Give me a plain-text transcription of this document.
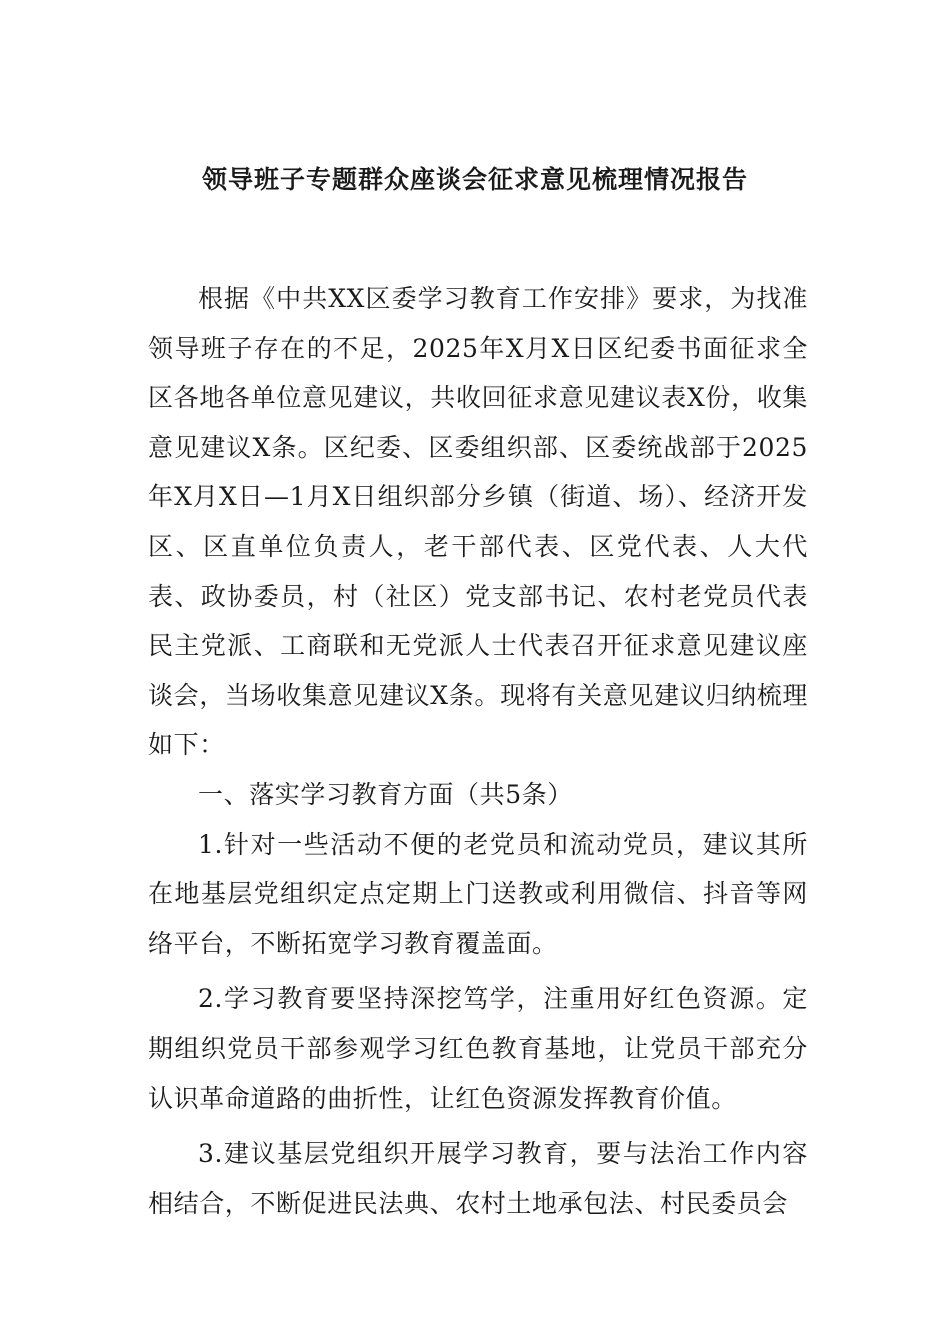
领导班子专题群众座谈会征求意见梳理情况报告

根据《中共XX区委学习教育工作安排》要求，为找准领导班子存在的不足，2025年X月X日区纪委书面征求全区各地各单位意见建议，共收回征求意见建议表X份，收集意见建议X条。区纪委、区委组织部、区委统战部于2025年X月X日—1月X日组织部分乡镇（街道、场）、经济开发区、区直单位负责人，老干部代表、区党代表、人大代表、政协委员，村（社区）党支部书记、农村老党员代表民主党派、工商联和无党派人士代表召开征求意见建议座谈会，当场收集意见建议X条。现将有关意见建议归纳梳理如下：

一、落实学习教育方面（共5条）

1.针对一些活动不便的老党员和流动党员，建议其所在地基层党组织定点定期上门送教或利用微信、抖音等网络平台，不断拓宽学习教育覆盖面。

2.学习教育要坚持深挖笃学，注重用好红色资源。定期组织党员干部参观学习红色教育基地，让党员干部充分认识革命道路的曲折性，让红色资源发挥教育价值。

3.建议基层党组织开展学习教育，要与法治工作内容相结合，不断促进民法典、农村土地承包法、村民委员会
